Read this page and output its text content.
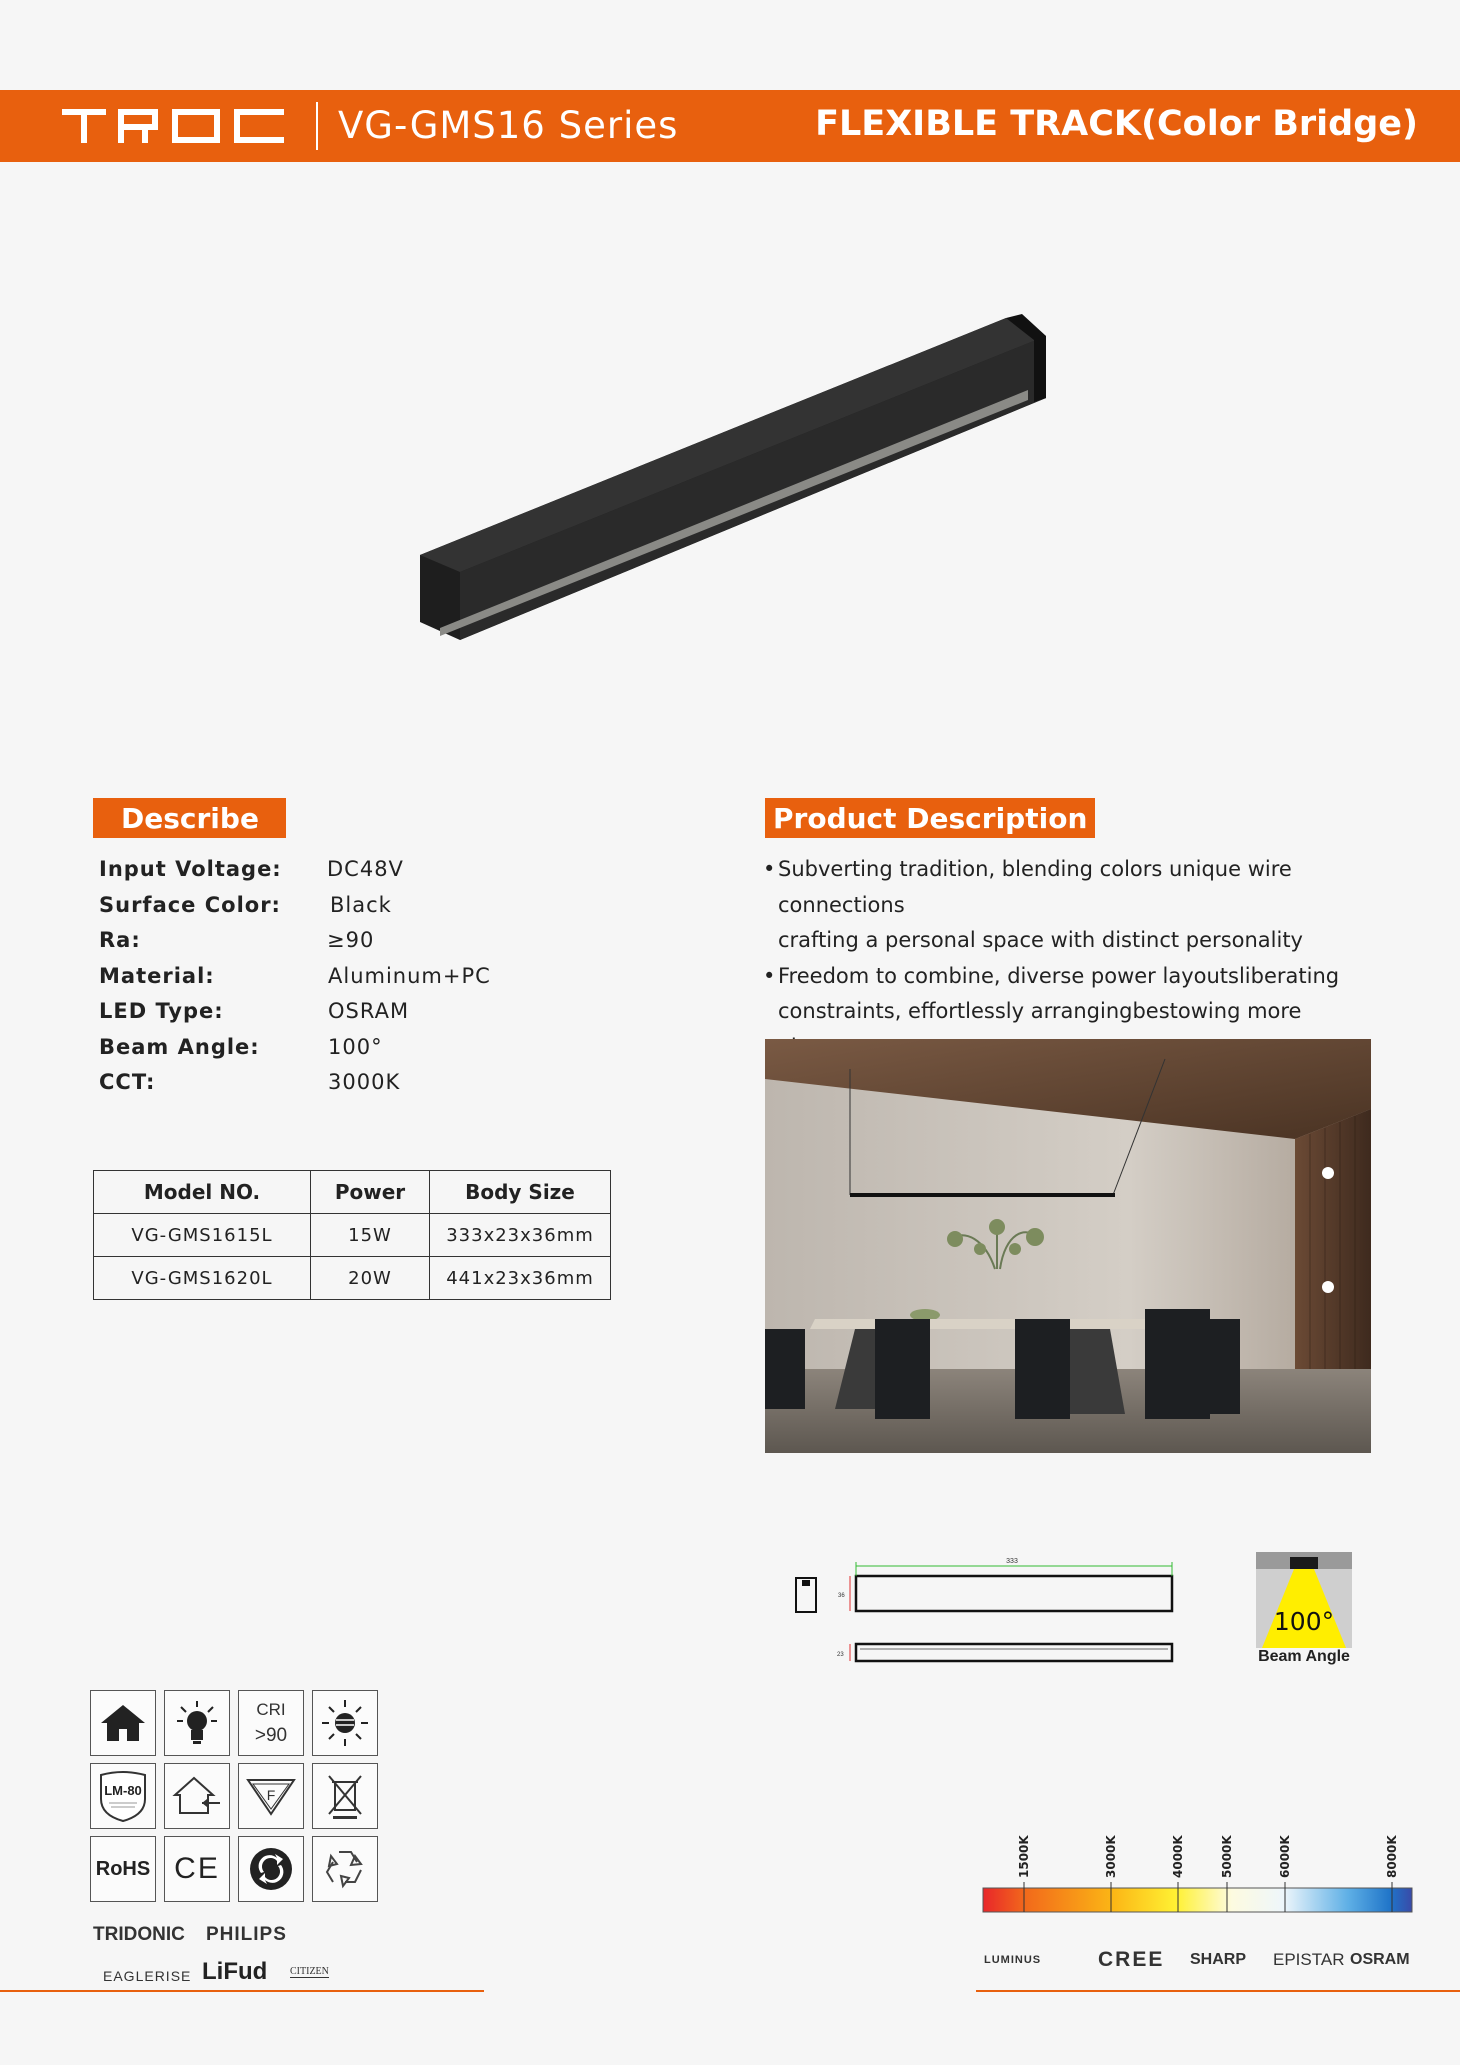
VG-GMS16 Series	FLEXIBLE TRACK(Color Bridge)
Describe
Input Voltage: DC48V
Surface Color: Black
Ra:	≥90
Material:	Aluminum+PC
LED Type:	OSRAM
Beam Angle:	100°
CCT:	3000K
Model NO.	Power	Body Size
VG-GMS1615L	15W	333x23x36mm
VG-GMS1620L	20W	441x23x36mm
Product Description
• Subverting tradition, blending colors unique wire connections
crafting a personal space with distinct personality
• Freedom to combine, diverse power layoutsliberating
constraints, effortlessly arrangingbestowing more
333
36
23
100°
Beam Angle
CRI
>90
LM-80	F
RoHS CE
TRIDONIC PHILIPS
EAGLERISE LiFud CITIZEN
1500K	3000K	4000K	5000K	6000K	8000K
LUMINUS	CREE SHARP EPISTAR OSRAM
